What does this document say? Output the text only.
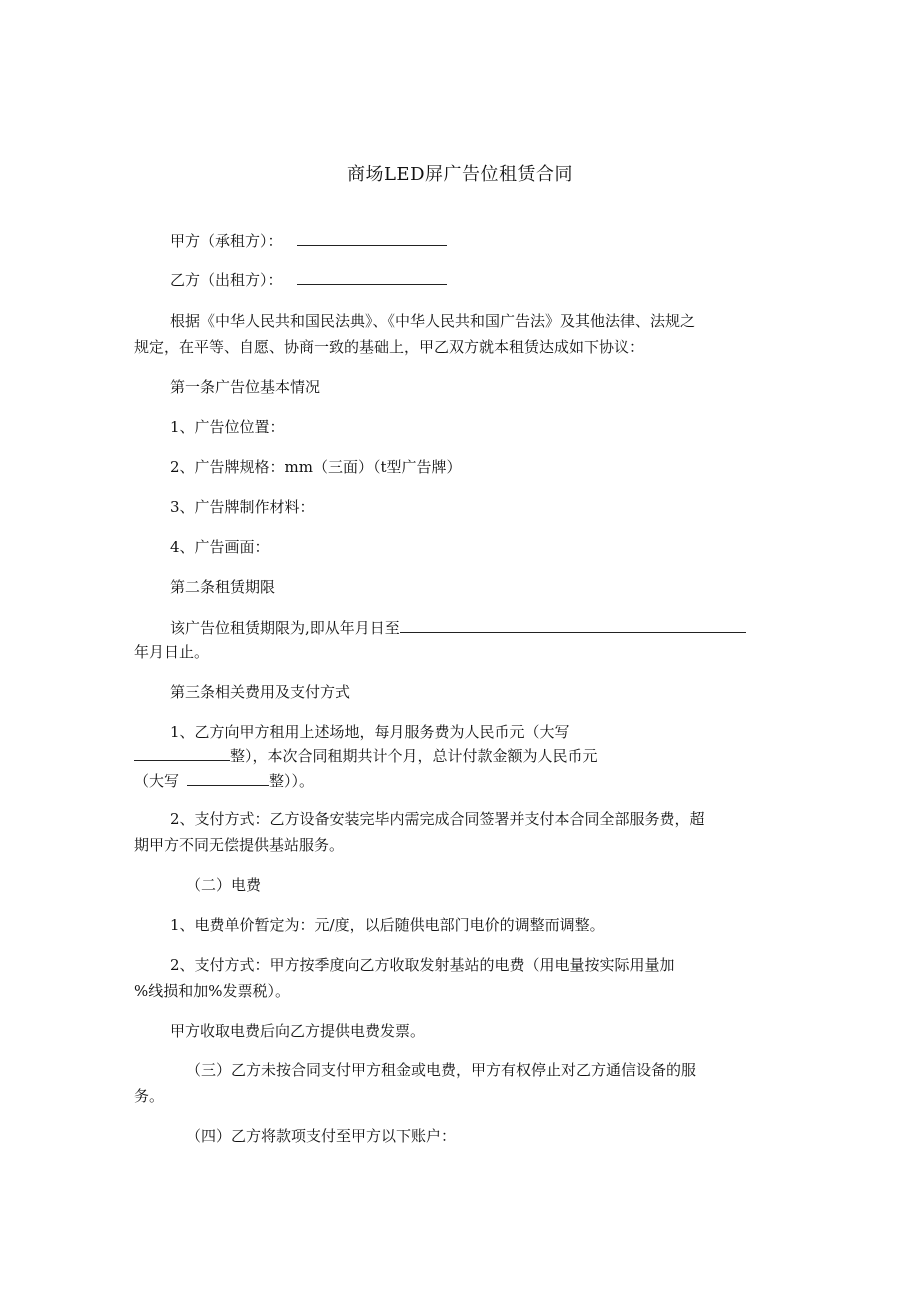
商场LED屏广告位租赁合同
甲方（承租方）：
乙方（出租方）：
根据《中华人民共和国民法典》、《中华人民共和国广告法》及其他法律、法规之
规定，在平等、自愿、协商一致的基础上，甲乙双方就本租赁达成如下协议：
第一条广告位基本情况
1、广告位位置：
2、广告牌规格：mm（三面）（t型广告牌）
3、广告牌制作材料：
4、广告画面：
第二条租赁期限
该广告位租赁期限为,即从年月日至
年月日止。
第三条相关费用及支付方式
1、乙方向甲方租用上述场地，每月服务费为人民币元（大写
整），本次合同租期共计个月，总计付款金额为人民币元
（大写	整））。
2、支付方式：乙方设备安装完毕内需完成合同签署并支付本合同全部服务费，超
期甲方不同无偿提供基站服务。
（二）电费
1、电费单价暂定为：元/度，以后随供电部门电价的调整而调整。
2、支付方式：甲方按季度向乙方收取发射基站的电费（用电量按实际用量加
%线损和加%发票税）。
甲方收取电费后向乙方提供电费发票。
（三）乙方未按合同支付甲方租金或电费，甲方有权停止对乙方通信设备的服
务。
（四）乙方将款项支付至甲方以下账户：
